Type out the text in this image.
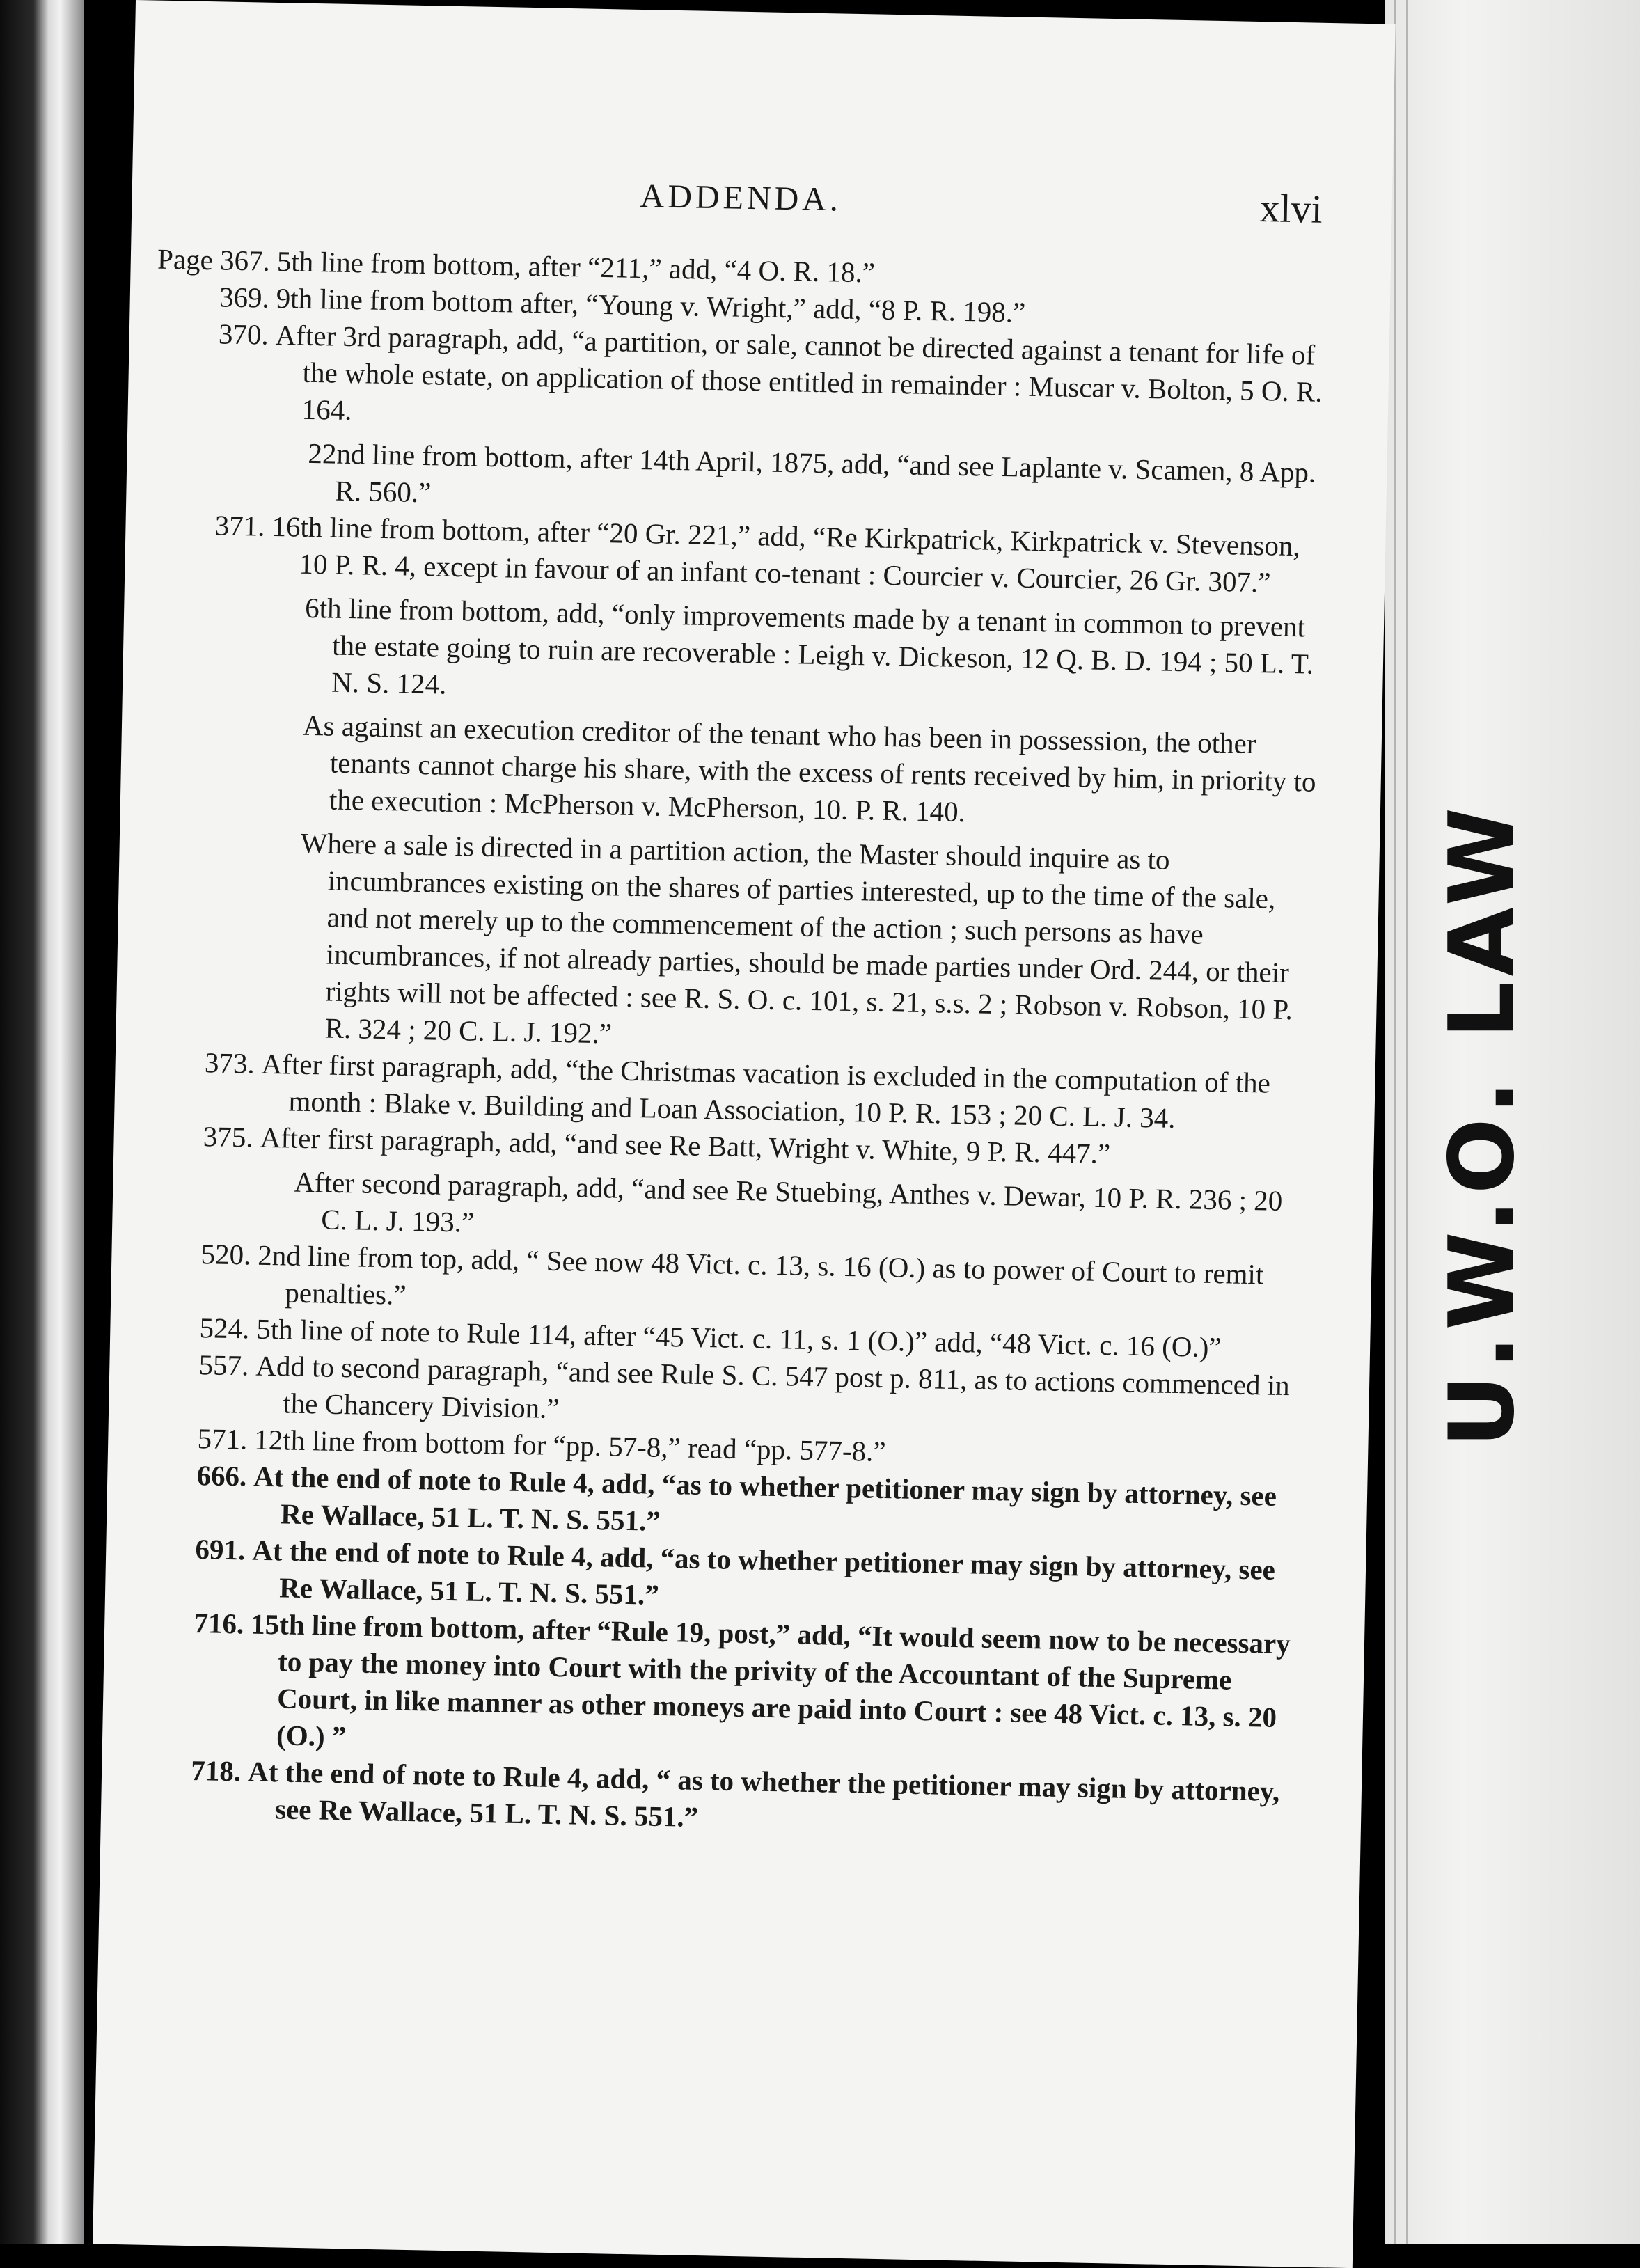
U.W.O. LAW
ADDENDA.	xlvi
Page 367. 5th line from bottom, after “211,” add, “4 O. R. 18.”

369. 9th line from bottom after, “Young v. Wright,” add, “8 P. R. 198.”

370. After 3rd paragraph, add, “a partition, or sale, cannot be directed against a tenant for life of the whole estate, on application of those entitled in remainder : Muscar v. Bolton, 5 O. R. 164.

22nd line from bottom, after 14th April, 1875, add, “and see Laplante v. Scamen, 8 App. R. 560.”

371. 16th line from bottom, after “20 Gr. 221,” add, “Re Kirkpatrick, Kirkpatrick v. Stevenson, 10 P. R. 4, except in favour of an infant co-tenant : Courcier v. Courcier, 26 Gr. 307.”

6th line from bottom, add, “only improvements made by a tenant in common to prevent the estate going to ruin are recoverable : Leigh v. Dickeson, 12 Q. B. D. 194 ; 50 L. T. N. S. 124.

As against an execution creditor of the tenant who has been in possession, the other tenants cannot charge his share, with the excess of rents received by him, in priority to the execution : McPherson v. McPherson, 10. P. R. 140.

Where a sale is directed in a partition action, the Master should inquire as to incumbrances existing on the shares of parties interested, up to the time of the sale, and not merely up to the commencement of the action ; such persons as have incumbrances, if not already parties, should be made parties under Ord. 244, or their rights will not be affected : see R. S. O. c. 101, s. 21, s.s. 2 ; Robson v. Robson, 10 P. R. 324 ; 20 C. L. J. 192.”

373. After first paragraph, add, “the Christmas vacation is excluded in the computation of the month : Blake v. Building and Loan Association, 10 P. R. 153 ; 20 C. L. J. 34.

375. After first paragraph, add, “and see Re Batt, Wright v. White, 9 P. R. 447.”

After second paragraph, add, “and see Re Stuebing, Anthes v. Dewar, 10 P. R. 236 ; 20 C. L. J. 193.”

520. 2nd line from top, add, “ See now 48 Vict. c. 13, s. 16 (O.) as to power of Court to remit penalties.”

524. 5th line of note to Rule 114, after “45 Vict. c. 11, s. 1 (O.)” add, “48 Vict. c. 16 (O.)”

557. Add to second paragraph, “and see Rule S. C. 547 post p. 811, as to actions commenced in the Chancery Division.”

571. 12th line from bottom for “pp. 57-8,” read “pp. 577-8.”

666. At the end of note to Rule 4, add, “as to whether petitioner may sign by attorney, see Re Wallace, 51 L. T. N. S. 551.”

691. At the end of note to Rule 4, add, “as to whether petitioner may sign by attorney, see Re Wallace, 51 L. T. N. S. 551.”

716. 15th line from bottom, after “Rule 19, post,” add, “It would seem now to be necessary to pay the money into Court with the privity of the Accountant of the Supreme Court, in like manner as other moneys are paid into Court : see 48 Vict. c. 13, s. 20 (O.) ”

718. At the end of note to Rule 4, add, “ as to whether the petitioner may sign by attorney, see Re Wallace, 51 L. T. N. S. 551.”
